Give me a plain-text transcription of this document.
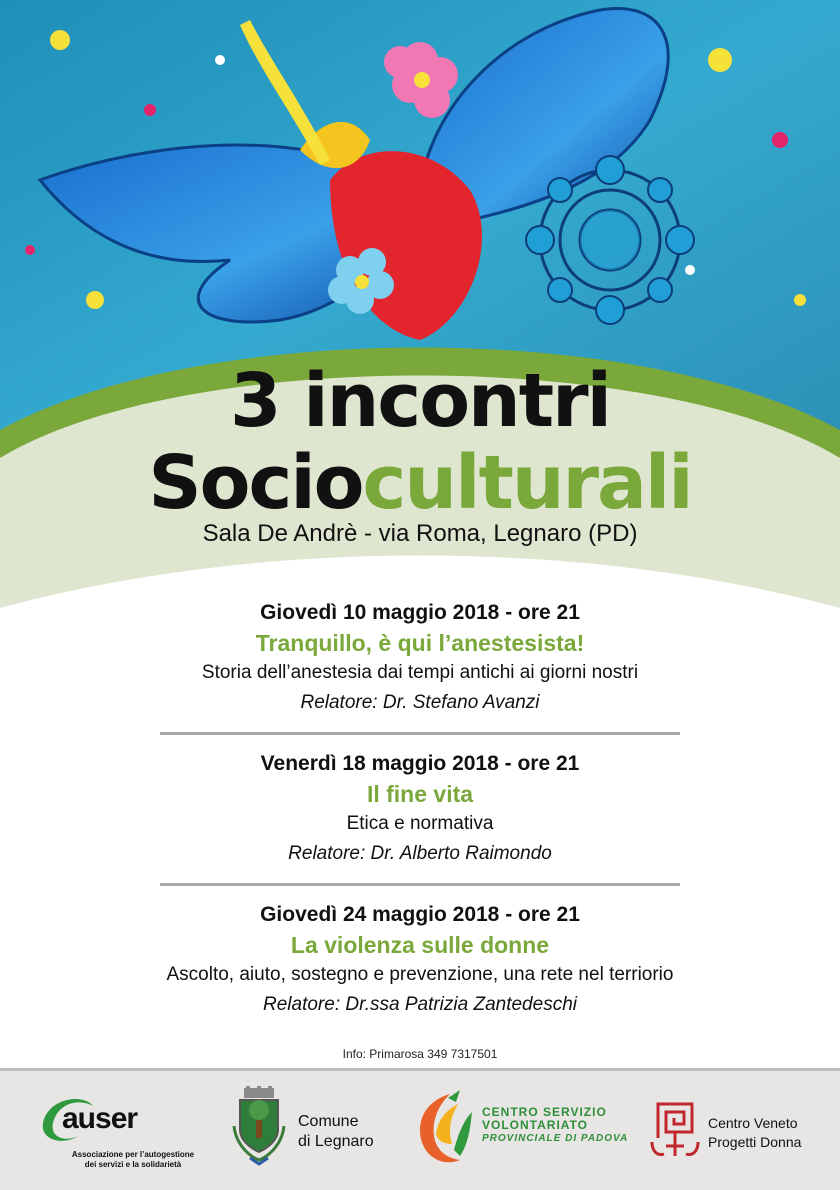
3 incontri
Socioculturali
Sala De Andrè - via Roma, Legnaro (PD)
Giovedì 10 maggio 2018 - ore 21
Tranquillo, è qui l’anestesista!
Storia dell’anestesia dai tempi antichi ai giorni nostri
Relatore: Dr. Stefano Avanzi
Venerdì 18 maggio 2018 - ore 21
Il fine vita
Etica e normativa
Relatore: Dr. Alberto Raimondo
Giovedì 24 maggio 2018 - ore 21
La violenza sulle donne
Ascolto, aiuto, sostegno e prevenzione, una rete nel terriorio
Relatore: Dr.ssa Patrizia Zantedeschi
Info: Primarosa 349 7317501
auser
Associazione per l’autogestione
dei servizi e la solidarietà
Comune
di Legnaro
CENTRO SERVIZIO
VOLONTARIATO
PROVINCIALE DI PADOVA
Centro Veneto
Progetti Donna
